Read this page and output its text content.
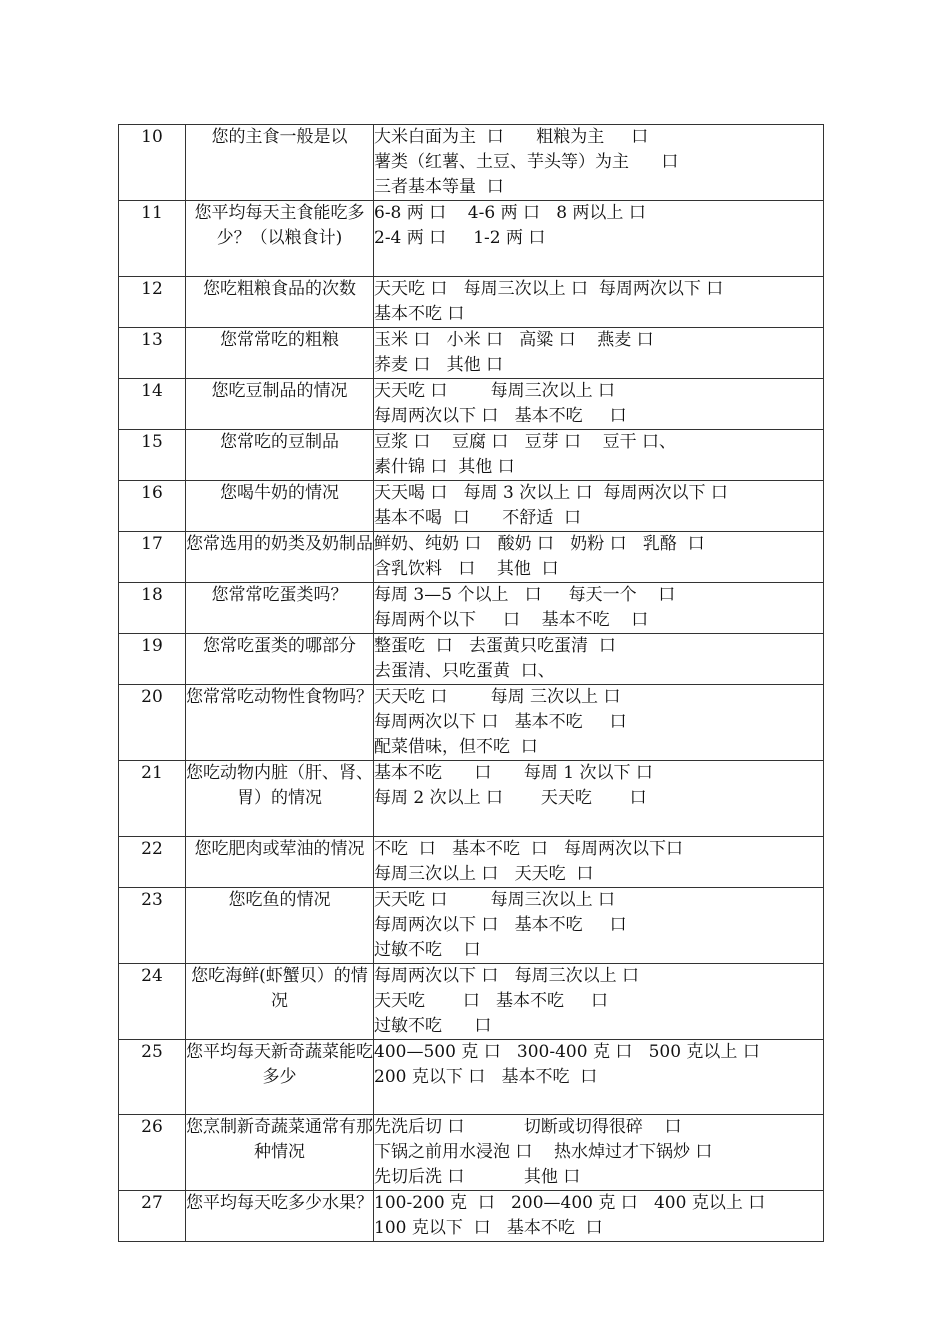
10	您的主食一般是以	大米白面为主  口      粗粮为主     口
薯类（红薯、土豆、芋头等）为主      口
三者基本等量  口

11	您平均每天主食能吃多少？（以粮食计)	6-8 两 口    4-6 两 口   8 两以上 口
2-4 两 口     1-2 两 口

12	您吃粗粮食品的次数	天天吃 口   每周三次以上 口  每周两次以下 口
基本不吃 口

13	您常常吃的粗粮	玉米 口   小米 口   高粱 口    燕麦 口
荞麦 口   其他 口

14	您吃豆制品的情况	天天吃 口        每周三次以上 口
每周两次以下 口   基本不吃     口

15	您常吃的豆制品	豆浆 口    豆腐 口   豆芽 口    豆干 口、
素什锦 口  其他 口

16	您喝牛奶的情况	天天喝 口   每周 3 次以上 口  每周两次以下 口
基本不喝  口      不舒适  口

17	您常选用的奶类及奶制品	鲜奶、纯奶 口   酸奶 口   奶粉 口   乳酪  口
含乳饮料   口    其他  口

18	您常常吃蛋类吗？	每周 3—5 个以上   口     每天一个    口
每周两个以下     口    基本不吃    口

19	您常吃蛋类的哪部分	整蛋吃  口   去蛋黄只吃蛋清  口
去蛋清、只吃蛋黄  口、

20	您常常吃动物性食物吗？	天天吃 口        每周 三次以上 口
每周两次以下 口   基本不吃     口
配菜借味，但不吃  口

21	您吃动物内脏（肝、肾、胃）的情况	基本不吃      口      每周 1 次以下 口
每周 2 次以上 口       天天吃       口

22	您吃肥肉或荤油的情况	不吃  口   基本不吃  口   每周两次以下口
每周三次以上 口   天天吃  口

23	您吃鱼的情况	天天吃 口        每周三次以上 口
每周两次以下 口   基本不吃     口
过敏不吃    口

24	您吃海鲜(虾蟹贝）的情况	每周两次以下 口   每周三次以上 口
天天吃       口   基本不吃     口
过敏不吃      口

25	您平均每天新奇蔬菜能吃多少	400—500 克 口   300-400 克 口   500 克以上 口
200 克以下 口   基本不吃  口

26	您烹制新奇蔬菜通常有那种情况	先洗后切 口           切断或切得很碎    口
下锅之前用水浸泡 口    热水焯过才下锅炒 口
先切后洗 口           其他 口

27	您平均每天吃多少水果？	100-200 克  口   200—400 克 口   400 克以上 口
100 克以下  口   基本不吃  口
